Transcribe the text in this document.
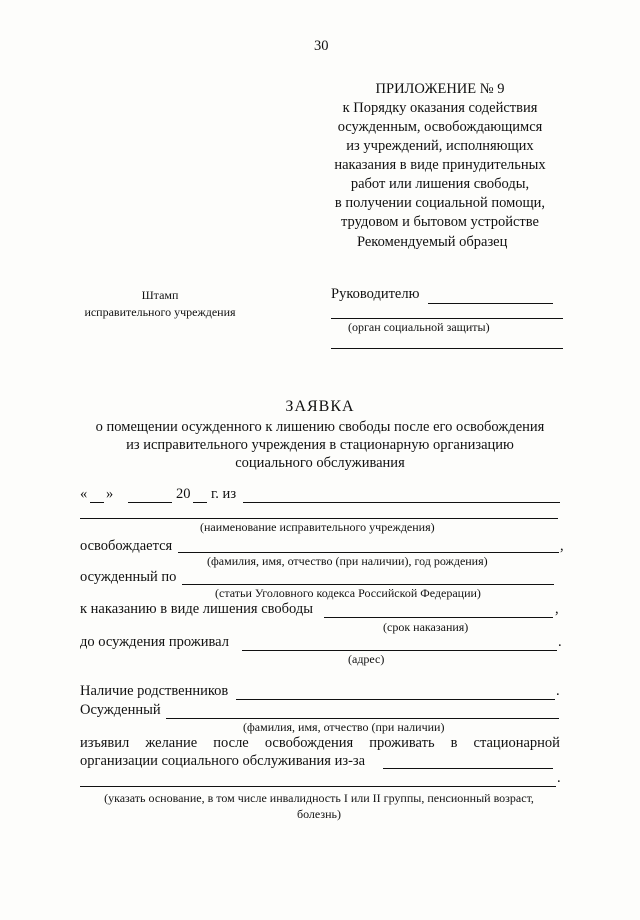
30
ПРИЛОЖЕНИЕ № 9
к Порядку оказания содействия
осужденным, освобождающимся
из учреждений, исполняющих
наказания в виде принудительных
работ или лишения свободы,
в получении социальной помощи,
трудовом и бытовом устройстве
Рекомендуемый образец
Штамп
исправительного учреждения
Руководителю
(орган социальной защиты)
ЗАЯВКА
о помещении осужденного к лишению свободы после его освобождения
из исправительного учреждения в стационарную организацию
социального обслуживания
« »	20 г. из
(наименование исправительного учреждения)
освобождается	,
(фамилия, имя, отчество (при наличии), год рождения)
осужденный по
(статьи Уголовного кодекса Российской Федерации)
к наказанию в виде лишения свободы	,
(срок наказания)
до осуждения проживал	.
(адрес)
Наличие родственников	.
Осужденный
(фамилия, имя, отчество (при наличии)
изъявил желание после освобождения проживать в стационарной
организации социального обслуживания из-за
.
(указать основание, в том числе инвалидность I или II группы, пенсионный возраст,
болезнь)
